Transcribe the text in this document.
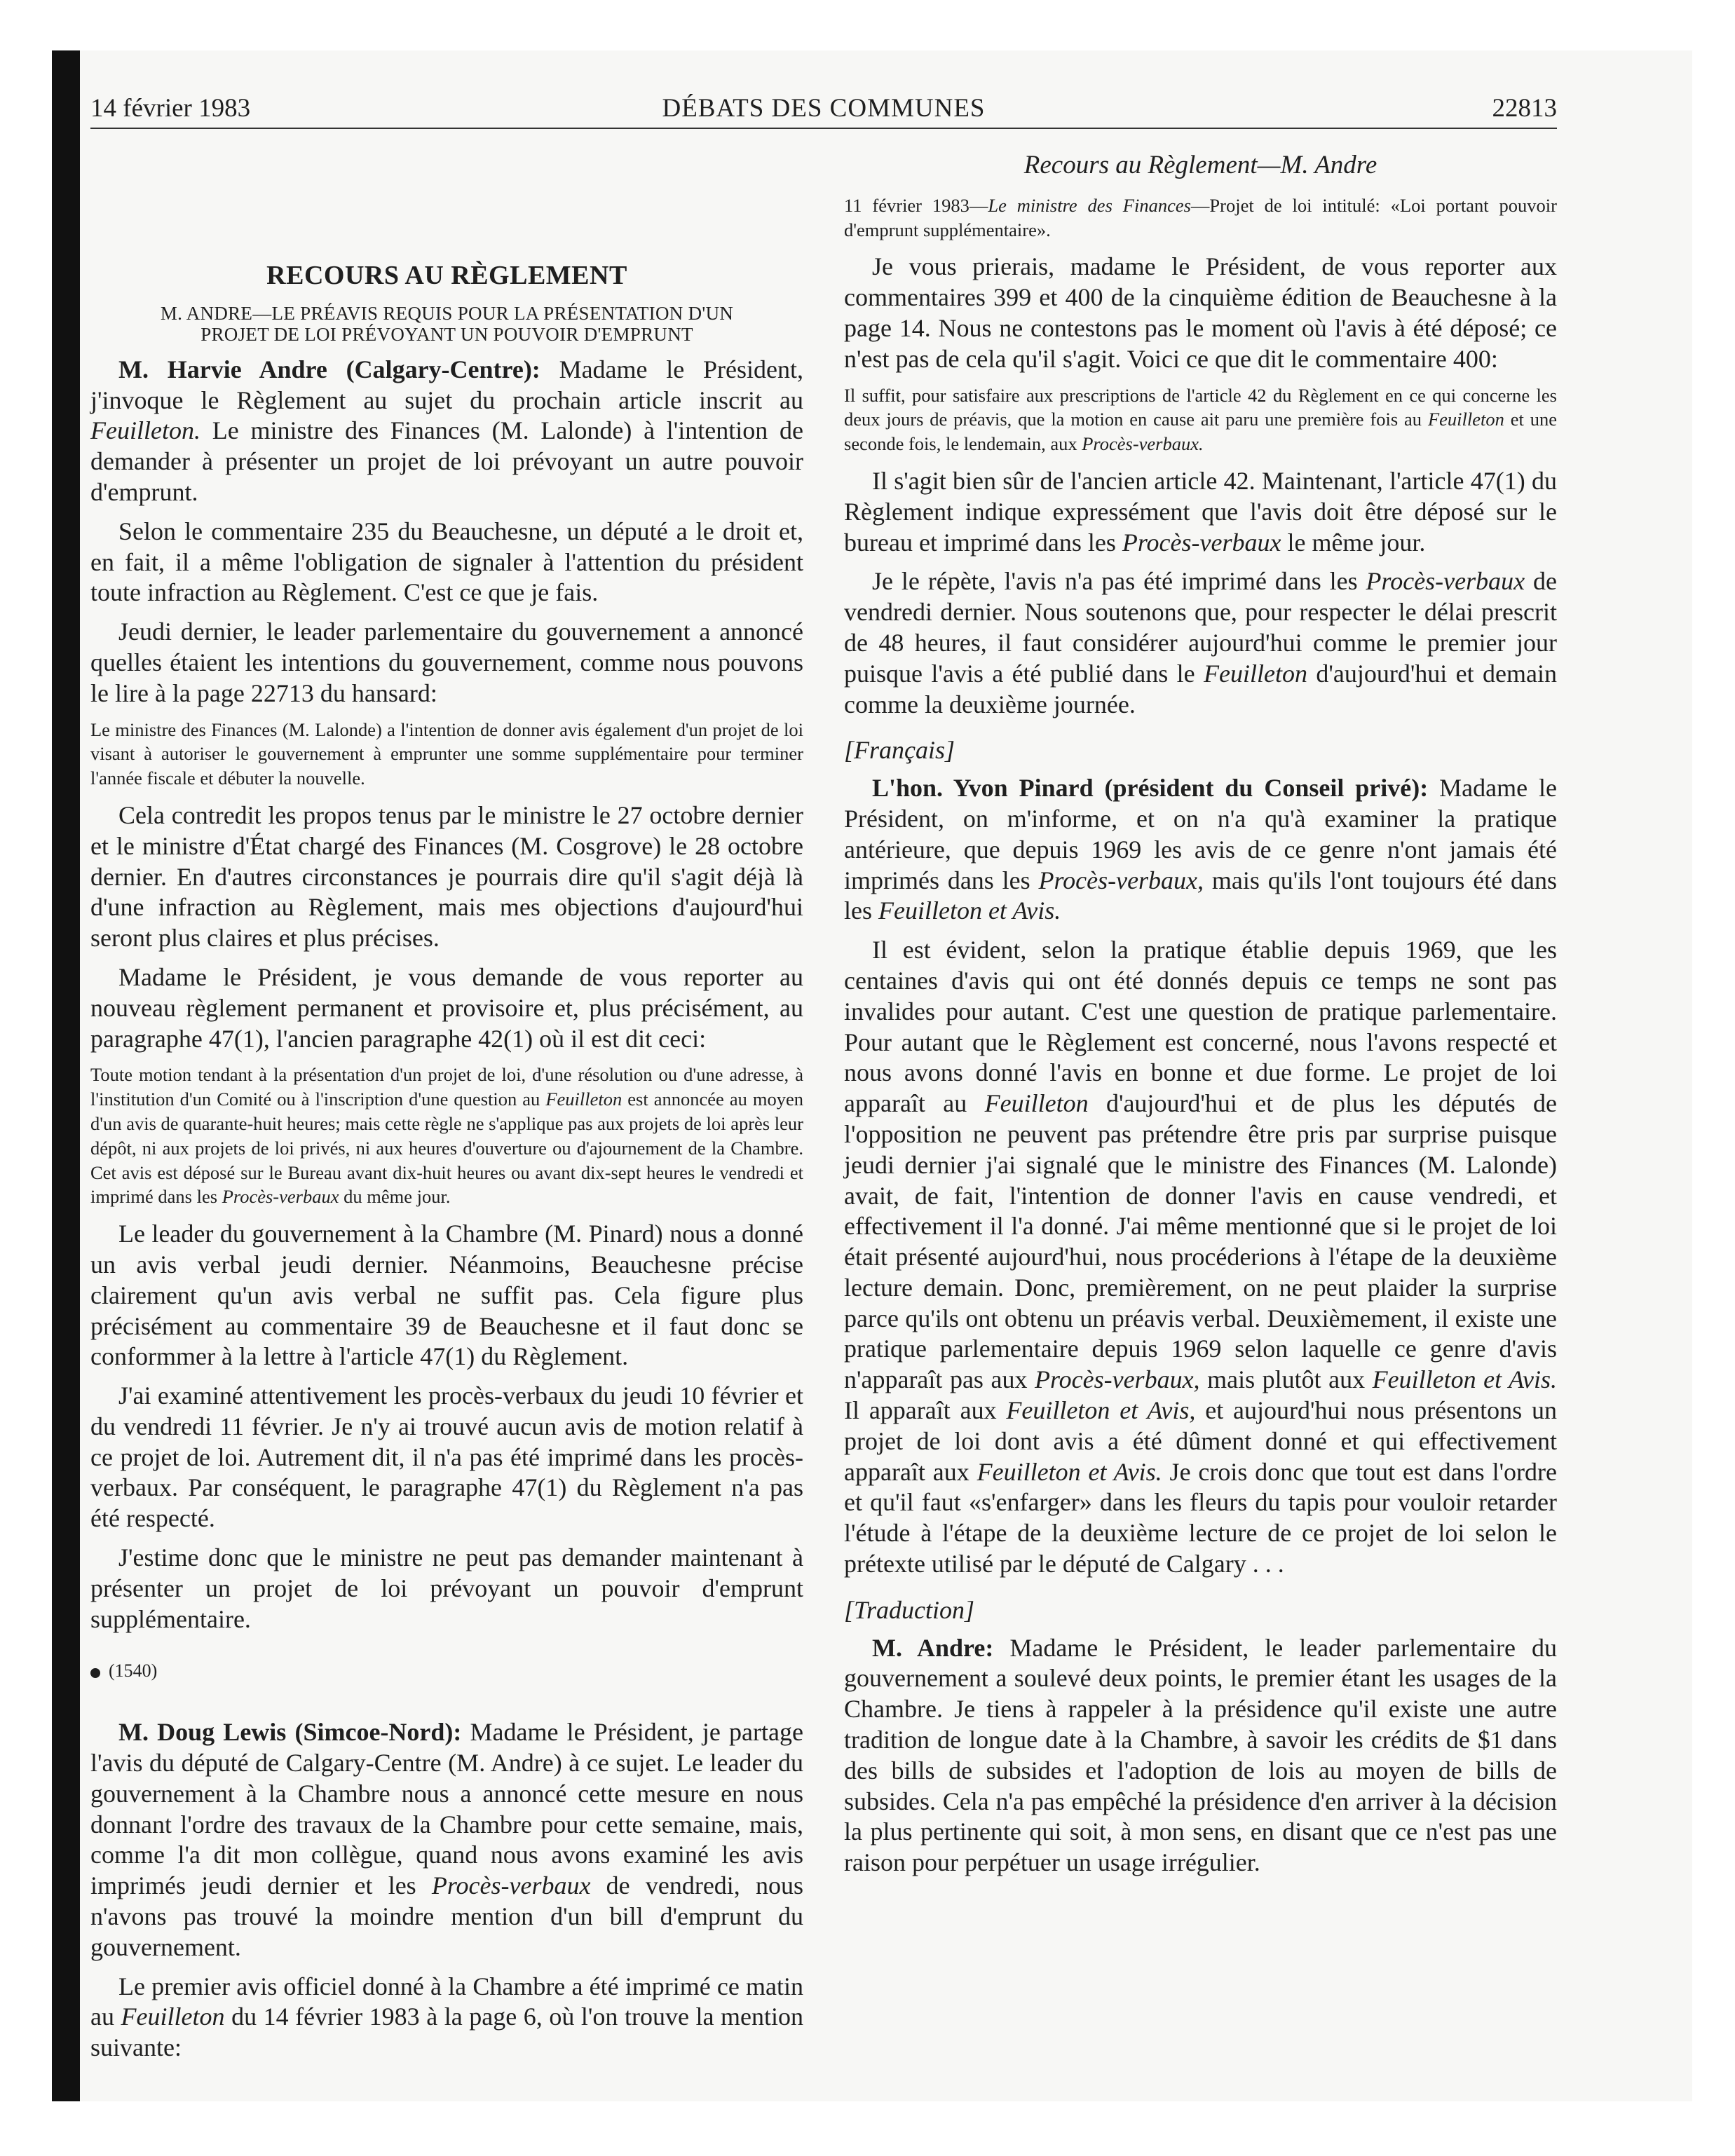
14 février 1983	DÉBATS DES COMMUNES	22813
RECOURS AU RÈGLEMENT
M. ANDRE—LE PRÉAVIS REQUIS POUR LA PRÉSENTATION D'UN
PROJET DE LOI PRÉVOYANT UN POUVOIR D'EMPRUNT

M. Harvie Andre (Calgary-Centre): Madame le Président, j'invoque le Règlement au sujet du prochain article inscrit au Feuilleton. Le ministre des Finances (M. Lalonde) à l'intention de demander à présenter un projet de loi prévoyant un autre pouvoir d'emprunt.

Selon le commentaire 235 du Beauchesne, un député a le droit et, en fait, il a même l'obligation de signaler à l'attention du président toute infraction au Règlement. C'est ce que je fais.

Jeudi dernier, le leader parlementaire du gouvernement a annoncé quelles étaient les intentions du gouvernement, comme nous pouvons le lire à la page 22713 du hansard:

Le ministre des Finances (M. Lalonde) a l'intention de donner avis également d'un projet de loi visant à autoriser le gouvernement à emprunter une somme supplémentaire pour terminer l'année fiscale et débuter la nouvelle.

Cela contredit les propos tenus par le ministre le 27 octobre dernier et le ministre d'État chargé des Finances (M. Cosgrove) le 28 octobre dernier. En d'autres circonstances je pourrais dire qu'il s'agit déjà là d'une infraction au Règlement, mais mes objections d'aujourd'hui seront plus claires et plus précises.

Madame le Président, je vous demande de vous reporter au nouveau règlement permanent et provisoire et, plus précisément, au paragraphe 47(1), l'ancien paragraphe 42(1) où il est dit ceci:

Toute motion tendant à la présentation d'un projet de loi, d'une résolution ou d'une adresse, à l'institution d'un Comité ou à l'inscription d'une question au Feuilleton est annoncée au moyen d'un avis de quarante-huit heures; mais cette règle ne s'applique pas aux projets de loi après leur dépôt, ni aux projets de loi privés, ni aux heures d'ouverture ou d'ajournement de la Chambre. Cet avis est déposé sur le Bureau avant dix-huit heures ou avant dix-sept heures le vendredi et imprimé dans les Procès-verbaux du même jour.

Le leader du gouvernement à la Chambre (M. Pinard) nous a donné un avis verbal jeudi dernier. Néanmoins, Beauchesne précise clairement qu'un avis verbal ne suffit pas. Cela figure plus précisément au commentaire 39 de Beauchesne et il faut donc se conformmer à la lettre à l'article 47(1) du Règlement.

J'ai examiné attentivement les procès-verbaux du jeudi 10 février et du vendredi 11 février. Je n'y ai trouvé aucun avis de motion relatif à ce projet de loi. Autrement dit, il n'a pas été imprimé dans les procès-verbaux. Par conséquent, le paragraphe 47(1) du Règlement n'a pas été respecté.

J'estime donc que le ministre ne peut pas demander maintenant à présenter un projet de loi prévoyant un pouvoir d'emprunt supplémentaire.

(1540)

M. Doug Lewis (Simcoe-Nord): Madame le Président, je partage l'avis du député de Calgary-Centre (M. Andre) à ce sujet. Le leader du gouvernement à la Chambre nous a annoncé cette mesure en nous donnant l'ordre des travaux de la Chambre pour cette semaine, mais, comme l'a dit mon collègue, quand nous avons examiné les avis imprimés jeudi dernier et les Procès-verbaux de vendredi, nous n'avons pas trouvé la moindre mention d'un bill d'emprunt du gouvernement.

Le premier avis officiel donné à la Chambre a été imprimé ce matin au Feuilleton du 14 février 1983 à la page 6, où l'on trouve la mention suivante:

Recours au Règlement—M. Andre

11 février 1983—Le ministre des Finances—Projet de loi intitulé: «Loi portant pouvoir d'emprunt supplémentaire».

Je vous prierais, madame le Président, de vous reporter aux commentaires 399 et 400 de la cinquième édition de Beauchesne à la page 14. Nous ne contestons pas le moment où l'avis à été déposé; ce n'est pas de cela qu'il s'agit. Voici ce que dit le commentaire 400:

Il suffit, pour satisfaire aux prescriptions de l'article 42 du Règlement en ce qui concerne les deux jours de préavis, que la motion en cause ait paru une première fois au Feuilleton et une seconde fois, le lendemain, aux Procès-verbaux.

Il s'agit bien sûr de l'ancien article 42. Maintenant, l'article 47(1) du Règlement indique expressément que l'avis doit être déposé sur le bureau et imprimé dans les Procès-verbaux le même jour.

Je le répète, l'avis n'a pas été imprimé dans les Procès-verbaux de vendredi dernier. Nous soutenons que, pour respecter le délai prescrit de 48 heures, il faut considérer aujourd'hui comme le premier jour puisque l'avis a été publié dans le Feuilleton d'aujourd'hui et demain comme la deuxième journée.

[Français]

L'hon. Yvon Pinard (président du Conseil privé): Madame le Président, on m'informe, et on n'a qu'à examiner la pratique antérieure, que depuis 1969 les avis de ce genre n'ont jamais été imprimés dans les Procès-verbaux, mais qu'ils l'ont toujours été dans les Feuilleton et Avis.

Il est évident, selon la pratique établie depuis 1969, que les centaines d'avis qui ont été donnés depuis ce temps ne sont pas invalides pour autant. C'est une question de pratique parlementaire. Pour autant que le Règlement est concerné, nous l'avons respecté et nous avons donné l'avis en bonne et due forme. Le projet de loi apparaît au Feuilleton d'aujourd'hui et de plus les députés de l'opposition ne peuvent pas prétendre être pris par surprise puisque jeudi dernier j'ai signalé que le ministre des Finances (M. Lalonde) avait, de fait, l'intention de donner l'avis en cause vendredi, et effectivement il l'a donné. J'ai même mentionné que si le projet de loi était présenté aujourd'hui, nous procéderions à l'étape de la deuxième lecture demain. Donc, premièrement, on ne peut plaider la surprise parce qu'ils ont obtenu un préavis verbal. Deuxièmement, il existe une pratique parlementaire depuis 1969 selon laquelle ce genre d'avis n'apparaît pas aux Procès-verbaux, mais plutôt aux Feuilleton et Avis. Il apparaît aux Feuilleton et Avis, et aujourd'hui nous présentons un projet de loi dont avis a été dûment donné et qui effectivement apparaît aux Feuilleton et Avis. Je crois donc que tout est dans l'ordre et qu'il faut «s'enfarger» dans les fleurs du tapis pour vouloir retarder l'étude à l'étape de la deuxième lecture de ce projet de loi selon le prétexte utilisé par le député de Calgary . . .

[Traduction]

M. Andre: Madame le Président, le leader parlementaire du gouvernement a soulevé deux points, le premier étant les usages de la Chambre. Je tiens à rappeler à la présidence qu'il existe une autre tradition de longue date à la Chambre, à savoir les crédits de $1 dans des bills de subsides et l'adoption de lois au moyen de bills de subsides. Cela n'a pas empêché la présidence d'en arriver à la décision la plus pertinente qui soit, à mon sens, en disant que ce n'est pas une raison pour perpétuer un usage irrégulier.
